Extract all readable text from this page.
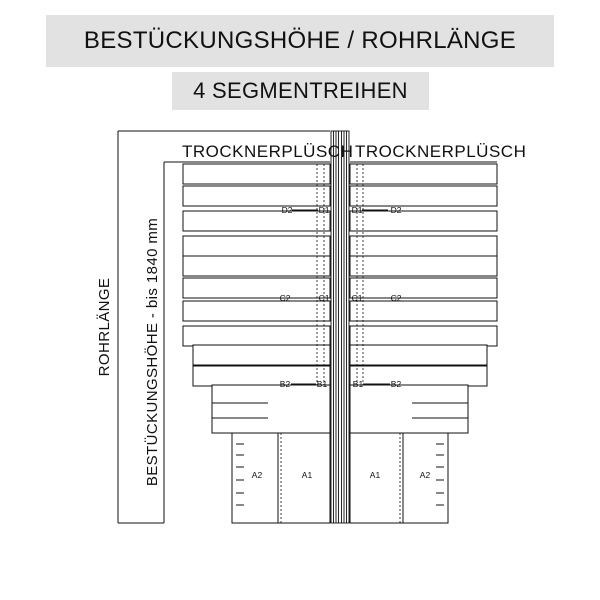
BESTÜCKUNGSHÖHE / ROHRLÄNGE
4 SEGMENTREIHEN
TROCKNERPLÜSCH TROCKNERPLÜSCH
ROHRLÄNGE BESTÜCKUNGSHÖHE - bis 1840 mm
D2	D1	D1	D2
C2	C1	C1	C2
B2	B1	B1	B2
A2	A1	A1	A2
